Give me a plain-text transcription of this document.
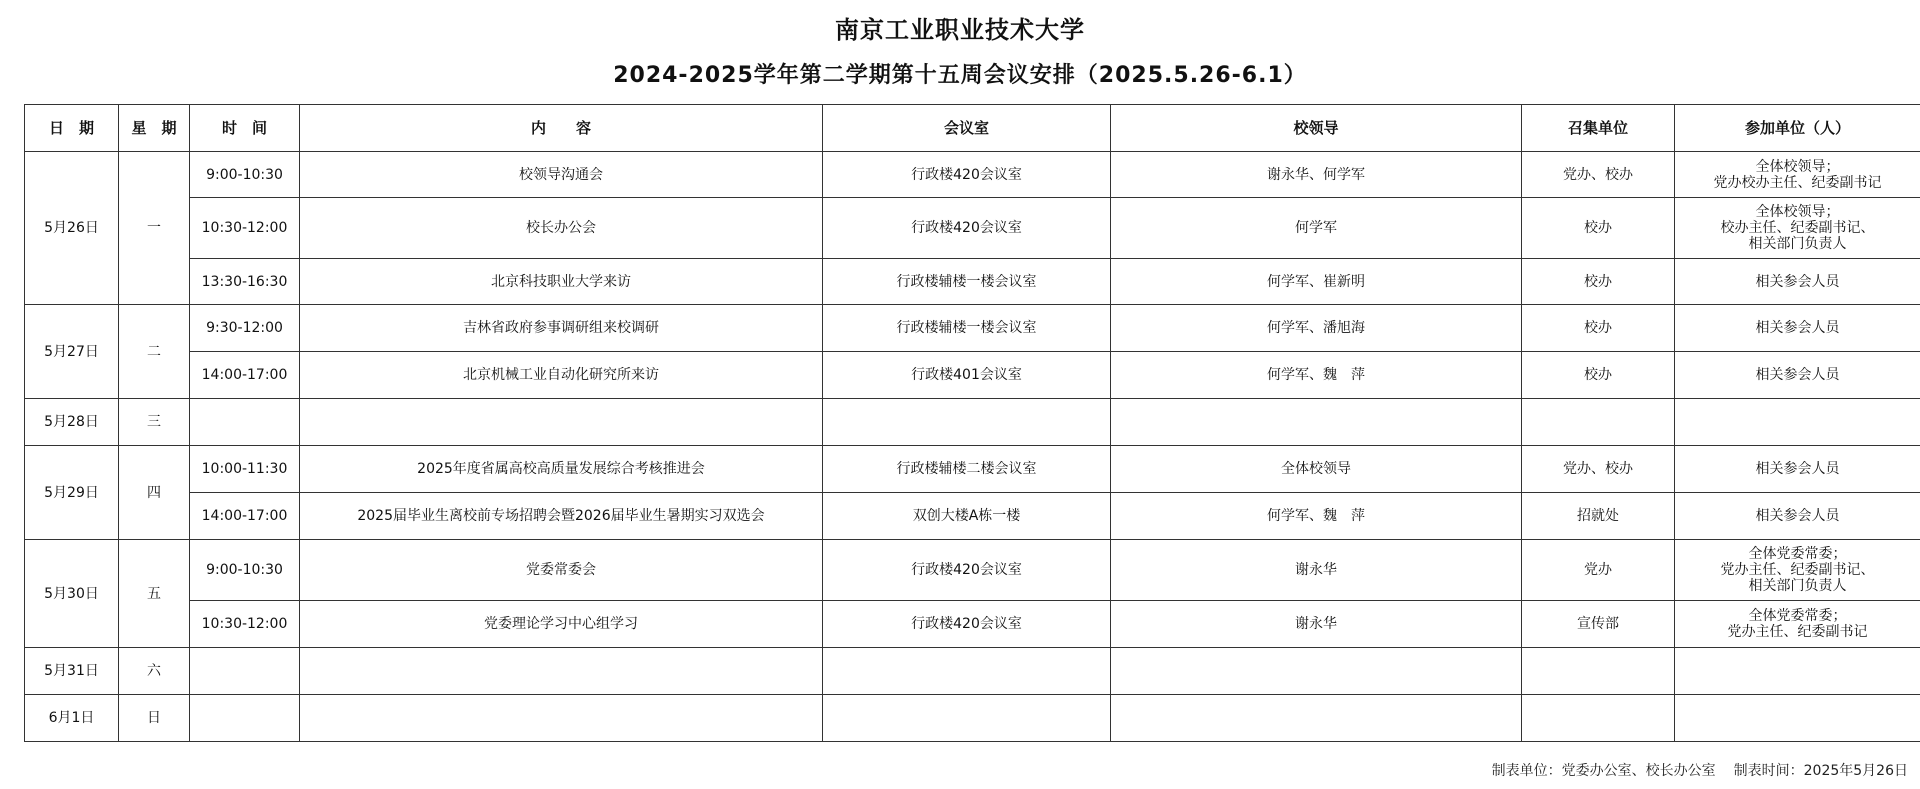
南京工业职业技术大学
2024-2025学年第二学期第十五周会议安排（2025.5.26-6.1）
日　期	星　期	时　间	内　　容	会议室	校领导	召集单位	参加单位（人）
5月26日	一	9:00-10:30	校领导沟通会	行政楼420会议室	谢永华、何学军	党办、校办	全体校领导；
党办校办主任、纪委副书记
		10:30-12:00	校长办公会	行政楼420会议室	何学军	校办	全体校领导；
校办主任、纪委副书记、
相关部门负责人
		13:30-16:30	北京科技职业大学来访	行政楼辅楼一楼会议室	何学军、崔新明	校办	相关参会人员
5月27日	二	9:30-12:00	吉林省政府参事调研组来校调研	行政楼辅楼一楼会议室	何学军、潘旭海	校办	相关参会人员
		14:00-17:00	北京机械工业自动化研究所来访	行政楼401会议室	何学军、魏　萍	校办	相关参会人员
5月28日	三						
5月29日	四	10:00-11:30	2025年度省属高校高质量发展综合考核推进会	行政楼辅楼二楼会议室	全体校领导	党办、校办	相关参会人员
		14:00-17:00	2025届毕业生离校前专场招聘会暨2026届毕业生暑期实习双选会	双创大楼A栋一楼	何学军、魏　萍	招就处	相关参会人员
5月30日	五	9:00-10:30	党委常委会	行政楼420会议室	谢永华	党办	全体党委常委；
党办主任、纪委副书记、
相关部门负责人
		10:30-12:00	党委理论学习中心组学习	行政楼420会议室	谢永华	宣传部	全体党委常委；
党办主任、纪委副书记
5月31日	六						
6月1日	日						
制表单位：党委办公室、校长办公室 制表时间：2025年5月26日
